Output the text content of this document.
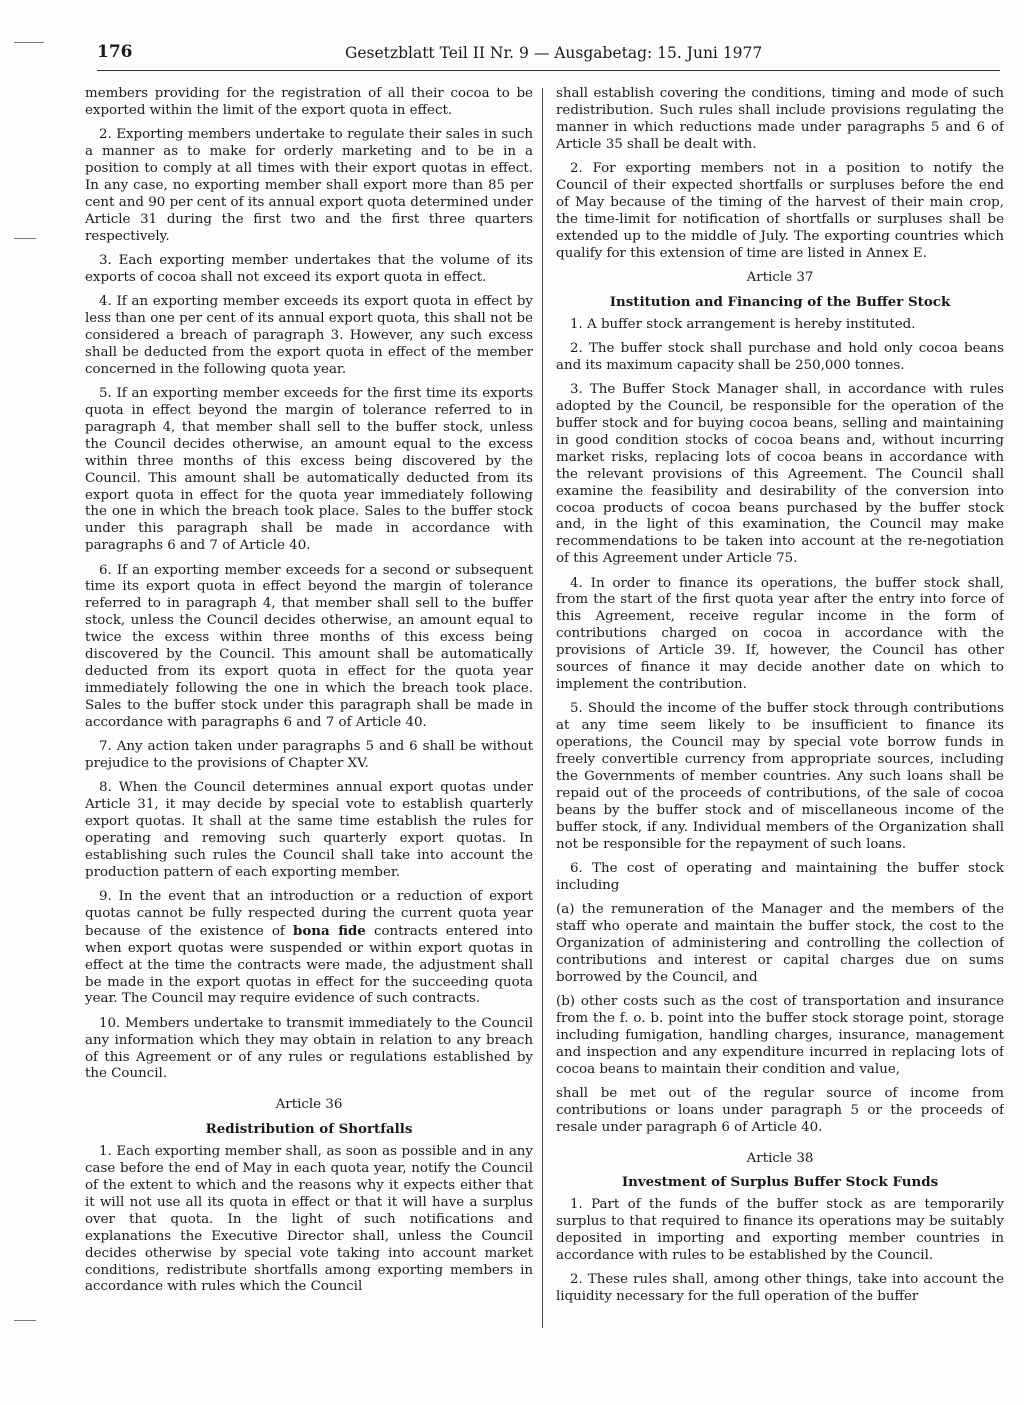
176	Gesetzblatt Teil II Nr. 9 — Ausgabetag: 15. Juni 1977

members providing for the registration of all their cocoa to be exported within the limit of the export quota in effect.

2. Exporting members undertake to regulate their sales in such a manner as to make for orderly marketing and to be in a position to comply at all times with their export quotas in effect. In any case, no exporting member shall export more than 85 per cent and 90 per cent of its annual export quota determined under Article 31 during the first two and the first three quarters respectively.

3. Each exporting member undertakes that the volume of its exports of cocoa shall not exceed its export quota in effect.

4. If an exporting member exceeds its export quota in effect by less than one per cent of its annual export quota, this shall not be considered a breach of paragraph 3. However, any such excess shall be deducted from the export quota in effect of the member concerned in the following quota year.

5. If an exporting member exceeds for the first time its exports quota in effect beyond the margin of tolerance referred to in paragraph 4, that member shall sell to the buffer stock, unless the Council decides otherwise, an amount equal to the excess within three months of this excess being discovered by the Council. This amount shall be automatically deducted from its export quota in effect for the quota year immediately following the one in which the breach took place. Sales to the buffer stock under this paragraph shall be made in accordance with paragraphs 6 and 7 of Article 40.

6. If an exporting member exceeds for a second or subsequent time its export quota in effect beyond the margin of tolerance referred to in paragraph 4, that member shall sell to the buffer stock, unless the Council decides otherwise, an amount equal to twice the excess within three months of this excess being discovered by the Council. This amount shall be automatically deducted from its export quota in effect for the quota year immediately following the one in which the breach took place. Sales to the buffer stock under this paragraph shall be made in accordance with paragraphs 6 and 7 of Article 40.

7. Any action taken under paragraphs 5 and 6 shall be without prejudice to the provisions of Chapter XV.

8. When the Council determines annual export quotas under Article 31, it may decide by special vote to establish quarterly export quotas. It shall at the same time establish the rules for operating and removing such quarterly export quotas. In establishing such rules the Council shall take into account the production pattern of each exporting member.

9. In the event that an introduction or a reduction of export quotas cannot be fully respected during the current quota year because of the existence of bona fide contracts entered into when export quotas were suspended or within export quotas in effect at the time the contracts were made, the adjustment shall be made in the export quotas in effect for the succeeding quota year. The Council may require evidence of such contracts.

10. Members undertake to transmit immediately to the Council any information which they may obtain in relation to any breach of this Agreement or of any rules or regulations established by the Council.

Article 36
Redistribution of Shortfalls

1. Each exporting member shall, as soon as possible and in any case before the end of May in each quota year, notify the Council of the extent to which and the reasons why it expects either that it will not use all its quota in effect or that it will have a surplus over that quota. In the light of such notifications and explanations the Executive Director shall, unless the Council decides otherwise by special vote taking into account market conditions, redistribute shortfalls among exporting members in accordance with rules which the Council

shall establish covering the conditions, timing and mode of such redistribution. Such rules shall include provisions regulating the manner in which reductions made under paragraphs 5 and 6 of Article 35 shall be dealt with.

2. For exporting members not in a position to notify the Council of their expected shortfalls or surpluses before the end of May because of the timing of the harvest of their main crop, the time-limit for notification of shortfalls or surpluses shall be extended up to the middle of July. The exporting countries which qualify for this extension of time are listed in Annex E.

Article 37
Institution and Financing of the Buffer Stock

1. A buffer stock arrangement is hereby instituted.

2. The buffer stock shall purchase and hold only cocoa beans and its maximum capacity shall be 250,000 tonnes.

3. The Buffer Stock Manager shall, in accordance with rules adopted by the Council, be responsible for the operation of the buffer stock and for buying cocoa beans, selling and maintaining in good condition stocks of cocoa beans and, without incurring market risks, replacing lots of cocoa beans in accordance with the relevant provisions of this Agreement. The Council shall examine the feasibility and desirability of the conversion into cocoa products of cocoa beans purchased by the buffer stock and, in the light of this examination, the Council may make recommendations to be taken into account at the re-negotiation of this Agreement under Article 75.

4. In order to finance its operations, the buffer stock shall, from the start of the first quota year after the entry into force of this Agreement, receive regular income in the form of contributions charged on cocoa in accordance with the provisions of Article 39. If, however, the Council has other sources of finance it may decide another date on which to implement the contribution.

5. Should the income of the buffer stock through contributions at any time seem likely to be insufficient to finance its operations, the Council may by special vote borrow funds in freely convertible currency from appropriate sources, including the Governments of member countries. Any such loans shall be repaid out of the proceeds of contributions, of the sale of cocoa beans by the buffer stock and of miscellaneous income of the buffer stock, if any. Individual members of the Organization shall not be responsible for the repayment of such loans.

6. The cost of operating and maintaining the buffer stock including

(a) the remuneration of the Manager and the members of the staff who operate and maintain the buffer stock, the cost to the Organization of administering and controlling the collection of contributions and interest or capital charges due on sums borrowed by the Council, and

(b) other costs such as the cost of transportation and insurance from the f. o. b. point into the buffer stock storage point, storage including fumigation, handling charges, insurance, management and inspection and any expenditure incurred in replacing lots of cocoa beans to maintain their condition and value,

shall be met out of the regular source of income from contributions or loans under paragraph 5 or the proceeds of resale under paragraph 6 of Article 40.

Article 38
Investment of Surplus Buffer Stock Funds

1. Part of the funds of the buffer stock as are temporarily surplus to that required to finance its operations may be suitably deposited in importing and exporting member countries in accordance with rules to be established by the Council.

2. These rules shall, among other things, take into account the liquidity necessary for the full operation of the buffer
